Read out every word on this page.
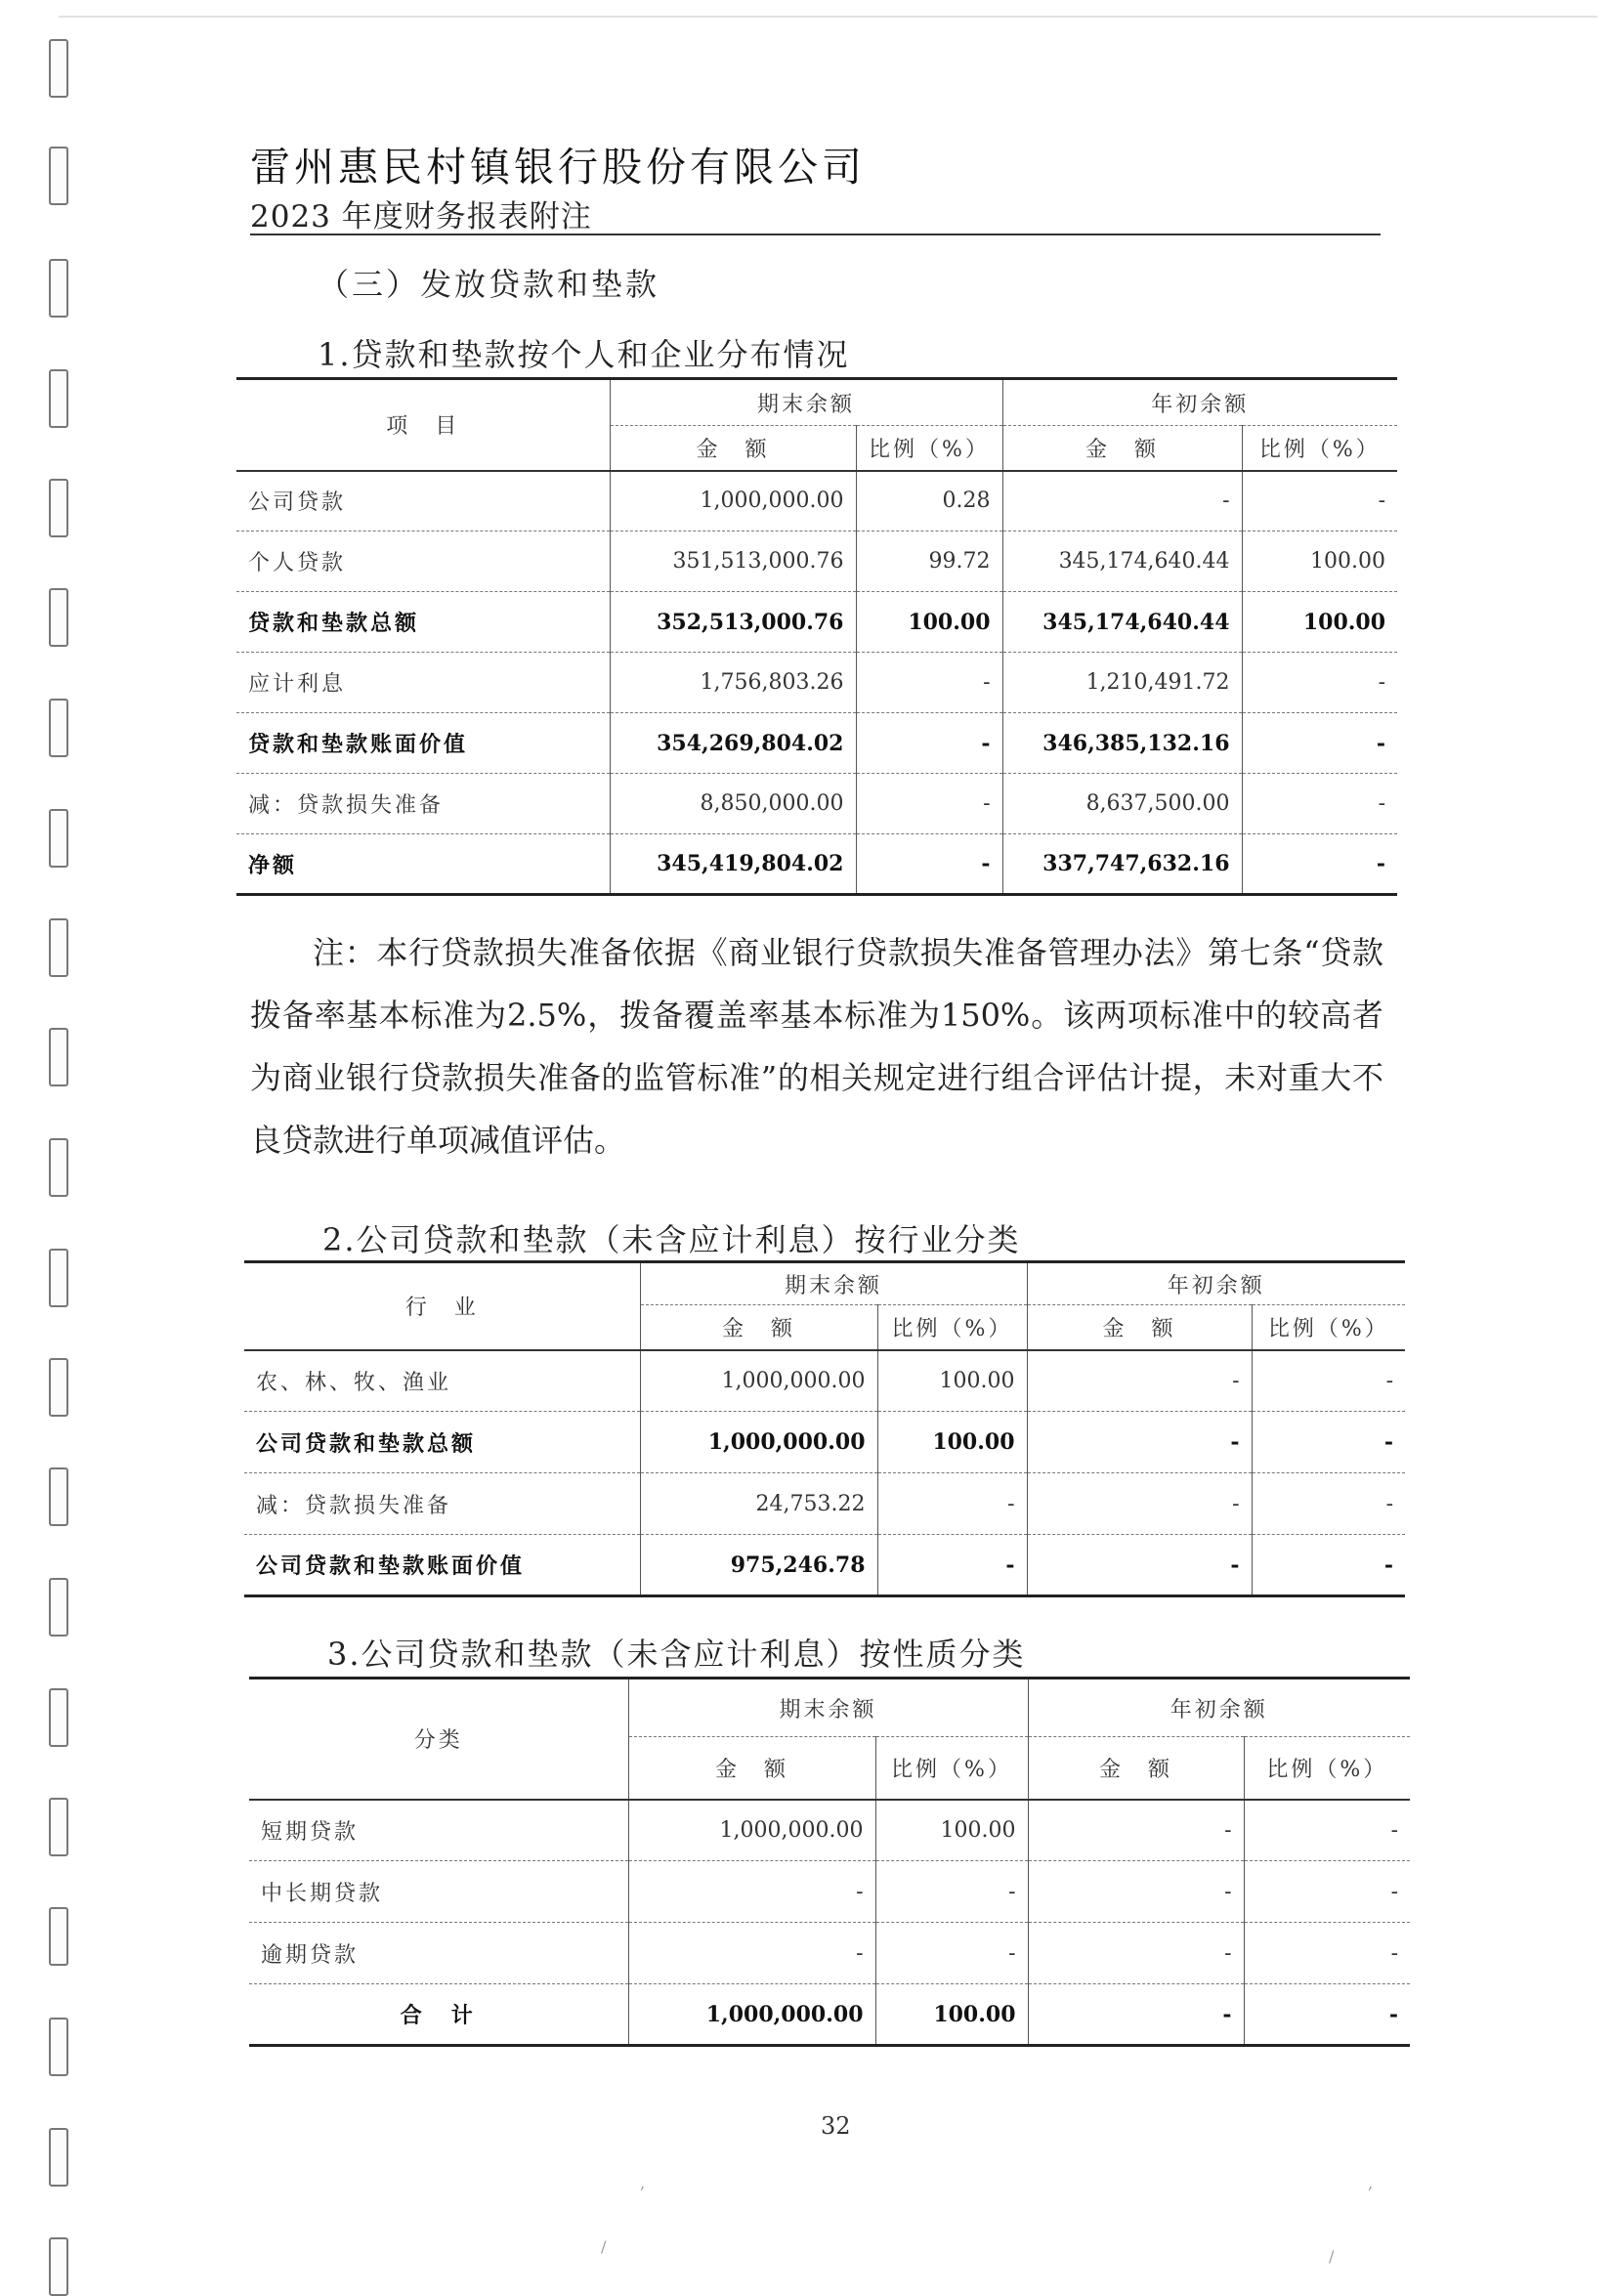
雷州惠民村镇银行股份有限公司
2023 年度财务报表附注
（三）发放贷款和垫款
1.贷款和垫款按个人和企业分布情况
项　目	期末余额		年初余额	
	金　额	比例（%）	金　额	比例（%）
公司贷款	1,000,000.00	0.28	-	-
个人贷款	351,513,000.76	99.72	345,174,640.44	100.00
贷款和垫款总额	352,513,000.76	100.00	345,174,640.44	100.00
应计利息	1,756,803.26	-	1,210,491.72	-
贷款和垫款账面价值	354,269,804.02	-	346,385,132.16	-
减：贷款损失准备	8,850,000.00	-	8,637,500.00	-
净额	345,419,804.02	-	337,747,632.16	-

注：本行贷款损失准备依据《商业银行贷款损失准备管理办法》第七条“贷款拨备率基本标准为2.5%，拨备覆盖率基本标准为150%。该两项标准中的较高者为商业银行贷款损失准备的监管标准”的相关规定进行组合评估计提，未对重大不良贷款进行单项减值评估。

2.公司贷款和垫款（未含应计利息）按行业分类
行　业	期末余额		年初余额	
	金　额	比例（%）	金　额	比例（%）
农、林、牧、渔业	1,000,000.00	100.00	-	-
公司贷款和垫款总额	1,000,000.00	100.00	-	-
减：贷款损失准备	24,753.22	-	-	-
公司贷款和垫款账面价值	975,246.78	-	-	-
3.公司贷款和垫款（未含应计利息）按性质分类
分类	期末余额		年初余额	
	金　额	比例（%）	金　额	比例（%）
短期贷款	1,000,000.00	100.00	-	-
中长期贷款	-	-	-	-
逾期贷款	-	-	-	-
合　计	1,000,000.00	100.00	-	-
32
,	,
/
/
